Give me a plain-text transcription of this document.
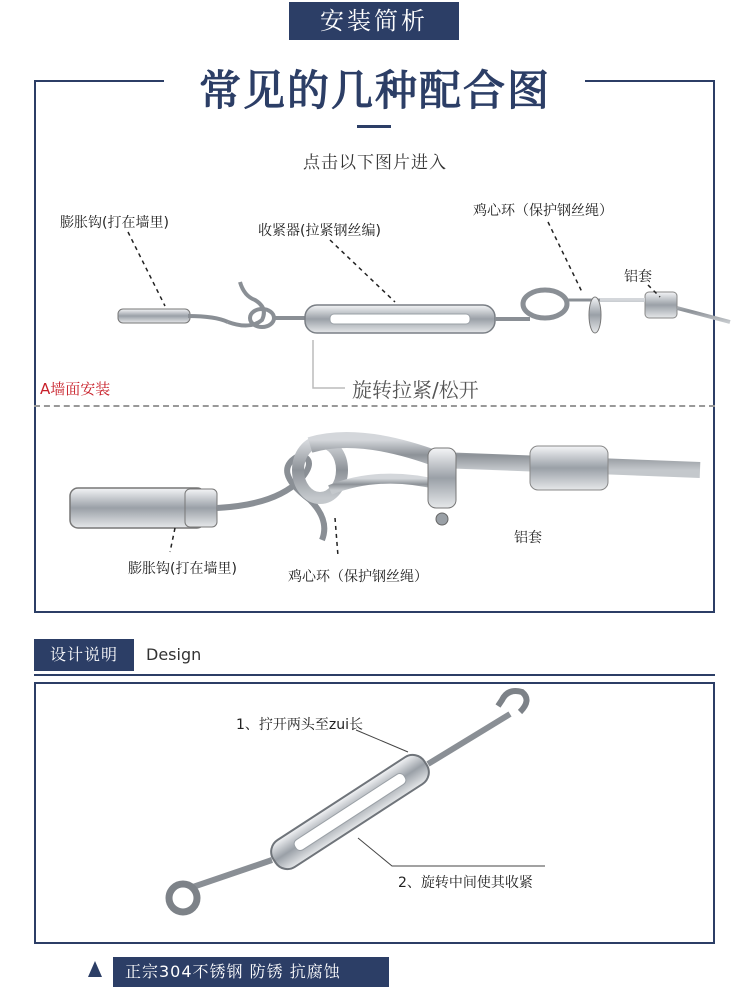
安装简析
常见的几种配合图
点击以下图片进入
膨胀钩(打在墙里)	收紧器(拉紧钢丝编)
鸡心环（保护钢丝绳）
铝套
旋转拉紧/松开
A墙面安装
铝套
膨胀钩(打在墙里)	鸡心环（保护钢丝绳）
设计说明	Design
1、拧开两头至zui长
2、旋转中间使其收紧
正宗304不锈钢 防锈 抗腐蚀
